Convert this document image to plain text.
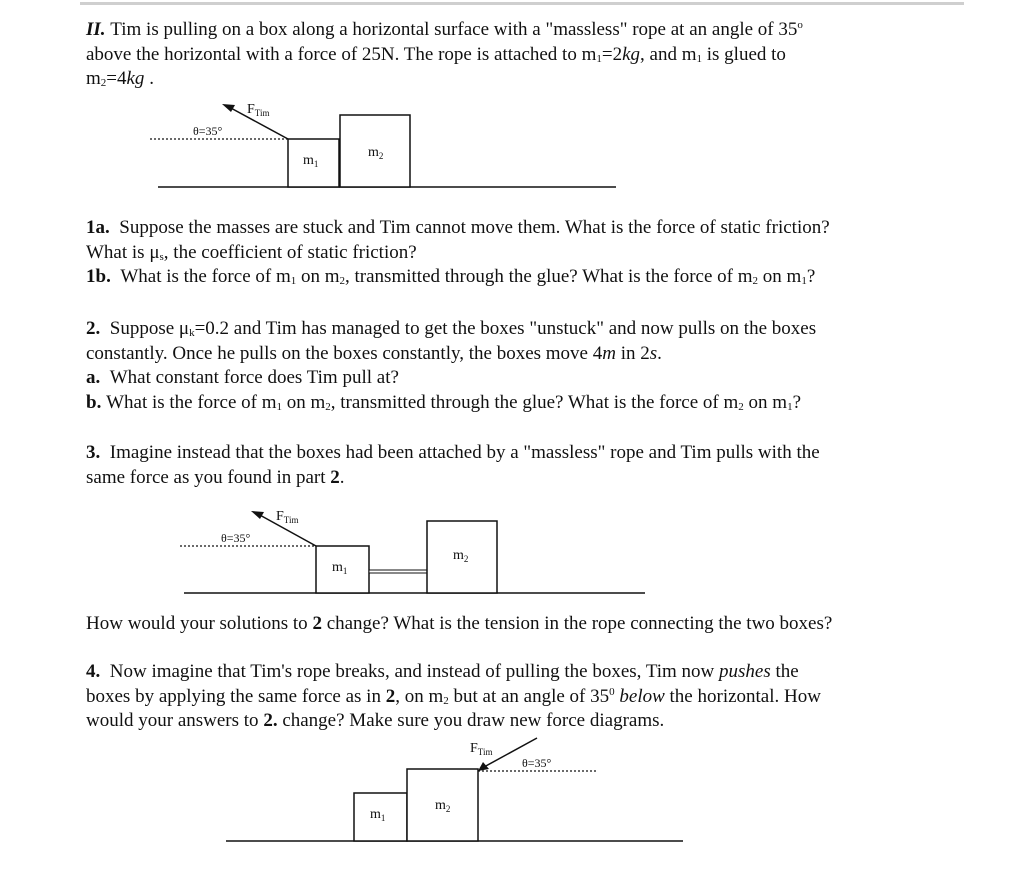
II. Tim is pulling on a box along a horizontal surface with a "massless" rope at an angle of 35$^o$

above the horizontal with a force of 25N. The rope is attached to $m_1=2kg$, and $m_1$ is glued to

$m_2=4kg$ .

$F_{Tim}$
θ=35°
$m_1$
$m_2$

1a. Suppose the masses are stuck and Tim cannot move them. What is the force of static friction?

What is $\mu_s$, the coefficient of static friction?

1b. What is the force of $m_1$ on $m_2$, transmitted through the glue? What is the force of $m_2$ on $m_1$?

2. Suppose $\mu_k=0.2$ and Tim has managed to get the boxes "unstuck" and now pulls on the boxes

constantly. Once he pulls on the boxes constantly, the boxes move 4m in 2s.

a. What constant force does Tim pull at?

b. What is the force of $m_1$ on $m_2$, transmitted through the glue? What is the force of $m_2$ on $m_1$?

3. Imagine instead that the boxes had been attached by a "massless" rope and Tim pulls with the

same force as you found in part 2.

$F_{Tim}$
θ=35°
$m_1$
$m_2$

How would your solutions to 2 change? What is the tension in the rope connecting the two boxes?

4. Now imagine that Tim's rope breaks, and instead of pulling the boxes, Tim now pushes the

boxes by applying the same force as in 2, on $m_2$ but at an angle of $35^0$ below the horizontal. How

would your answers to 2. change? Make sure you draw new force diagrams.

$F_{Tim}$
θ=35°
$m_1$
$m_2$
